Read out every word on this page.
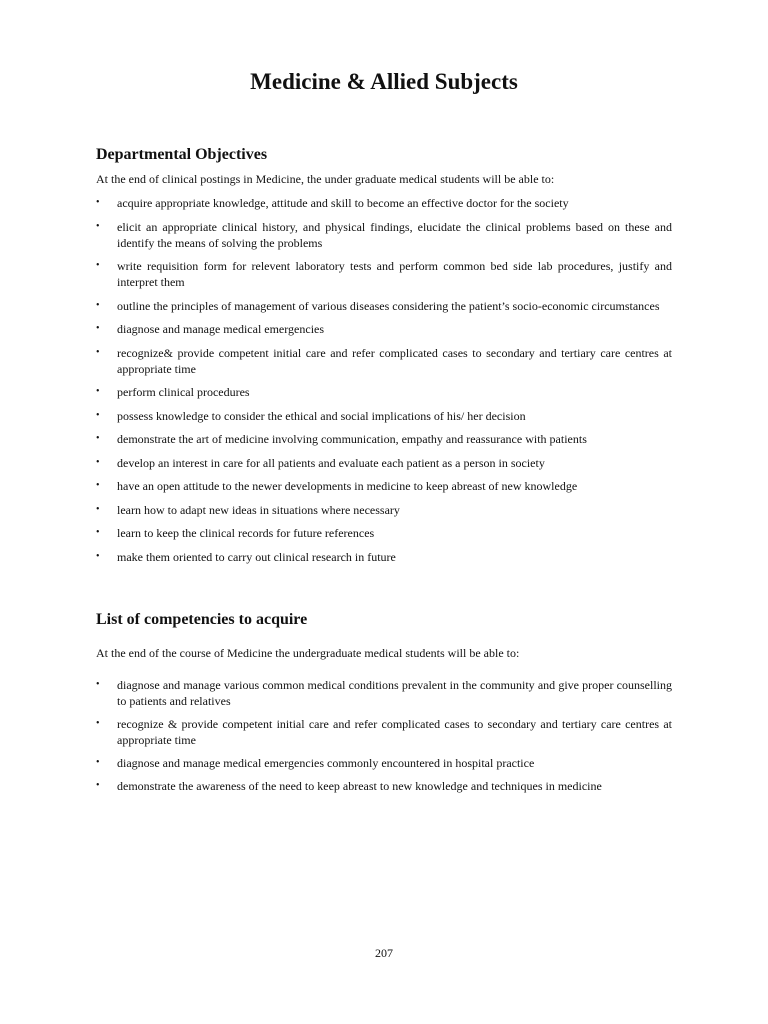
Medicine & Allied Subjects
Departmental Objectives

At the end of clinical postings in Medicine, the under graduate medical students will be able to:

•	acquire appropriate knowledge, attitude and skill to become an effective doctor for the society
•	elicit an appropriate clinical history, and physical findings, elucidate the clinical problems based on these and identify the means of solving the problems
•	write requisition form for relevent laboratory tests and perform common bed side lab procedures, justify and interpret them
•	outline the principles of management of various diseases considering the patient’s socio-economic circumstances
•	diagnose and manage medical emergencies
•	recognize& provide competent initial care and refer complicated cases to secondary and tertiary care centres at appropriate time
•	perform clinical procedures
•	possess knowledge to consider the ethical and social implications of his/ her decision
•	demonstrate the art of medicine involving communication, empathy and reassurance with patients
•	develop an interest in care for all patients and evaluate each patient as a person in society
•	have an open attitude to the newer developments in medicine to keep abreast of new knowledge
•	learn how to adapt new ideas in situations where necessary
•	learn to keep the clinical records for future references
•	make them oriented to carry out clinical research in future
List of competencies to acquire

At the end of the course of Medicine the undergraduate medical students will be able to:

•	diagnose and manage various common medical conditions prevalent in the community and give proper counselling to patients and relatives
•	recognize & provide competent initial care and refer complicated cases to secondary and tertiary care centres at appropriate time
•	diagnose and manage medical emergencies commonly encountered in hospital practice
•	demonstrate the awareness of the need to keep abreast to new knowledge and techniques in medicine

207
